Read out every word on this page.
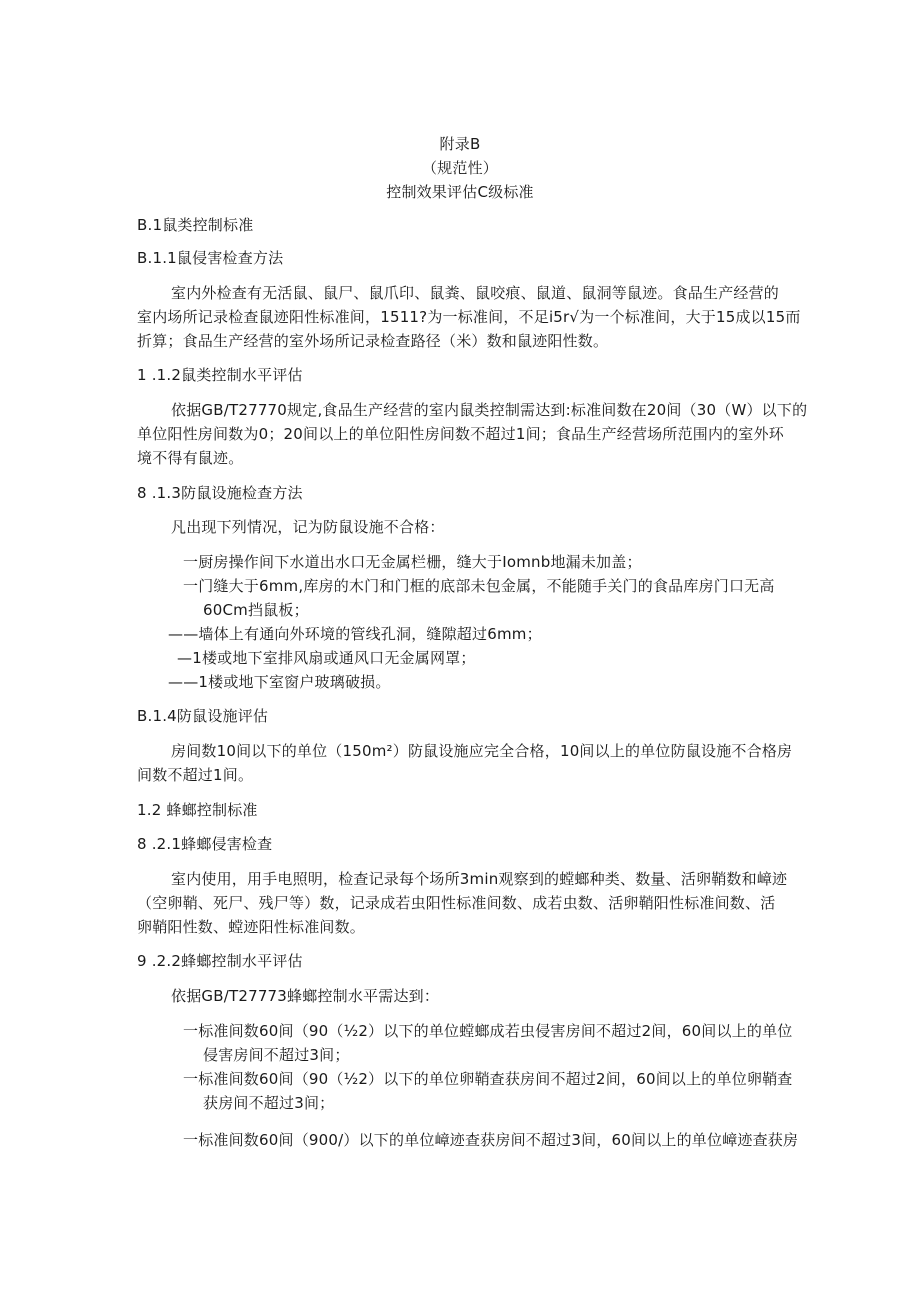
附录B
（规范性）
控制效果评估C级标准
B.1鼠类控制标准
B.1.1鼠侵害检查方法
室内外检查有无活鼠、鼠尸、鼠爪印、鼠粪、鼠咬痕、鼠道、鼠洞等鼠迹。食品生产经营的
室内场所记录检查鼠迹阳性标准间，1511?为一标准间，不足i5r√为一个标准间，大于15成以15而
折算；食品生产经营的室外场所记录检查路径（米）数和鼠迹阳性数。
1 .1.2鼠类控制水平评估
依据GB/T27770规定,食品生产经营的室内鼠类控制需达到:标准间数在20间（30（W）以下的
单位阳性房间数为0；20间以上的单位阳性房间数不超过1间；食品生产经营场所范围内的室外环
境不得有鼠迹。
8 .1.3防鼠设施检查方法
凡出现下列情况，记为防鼠设施不合格：
一厨房操作间下水道出水口无金属栏栅，缝大于Iomnb地漏未加盖；
一门缝大于6mm,库房的木门和门框的底部未包金属，不能随手关门的食品库房门口无高
60Cm挡鼠板；
——墙体上有通向外环境的管线孔洞，缝隙超过6mm；
—1楼或地下室排风扇或通风口无金属网罩；
——1楼或地下室窗户玻璃破损。
B.1.4防鼠设施评估
房间数10间以下的单位（150m²）防鼠设施应完全合格，10间以上的单位防鼠设施不合格房
间数不超过1间。
1.2 蜂螂控制标准
8 .2.1蜂螂侵害检查
室内使用，用手电照明，检查记录每个场所3min观察到的螳螂种类、数量、活卵鞘数和嶂迹
（空卵鞘、死尸、残尸等）数，记录成若虫阳性标准间数、成若虫数、活卵鞘阳性标准间数、活
卵鞘阳性数、螳迹阳性标准间数。
9 .2.2蜂螂控制水平评估
依据GB/T27773蜂螂控制水平需达到：
一标准间数60间（90（½2）以下的单位螳螂成若虫侵害房间不超过2间，60间以上的单位
侵害房间不超过3间；
一标准间数60间（90（½2）以下的单位卵鞘查获房间不超过2间，60间以上的单位卵鞘查
获房间不超过3间；
一标准间数60间（900/）以下的单位嶂迹查获房间不超过3间，60间以上的单位嶂迹查获房
